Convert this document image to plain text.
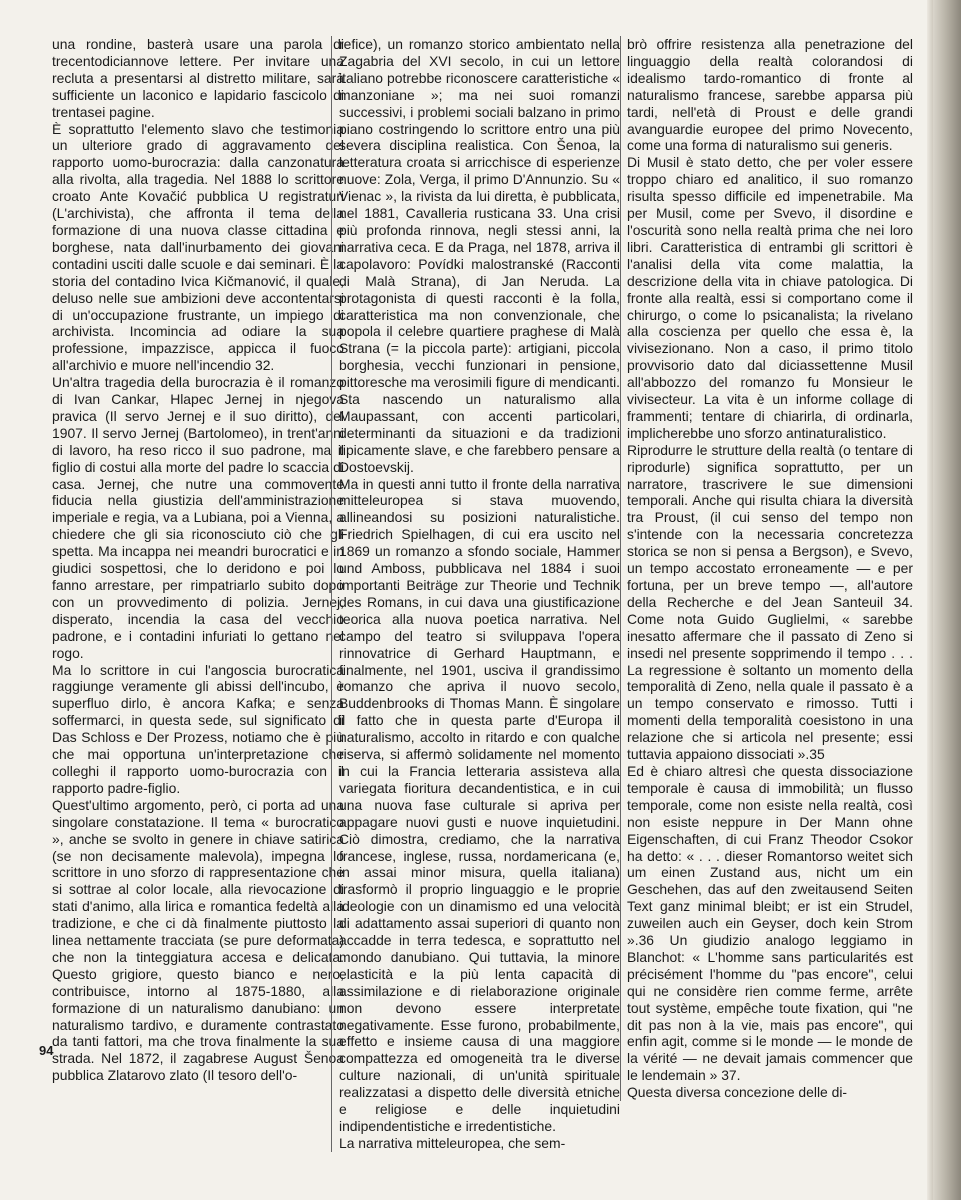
una rondine, basterà usare una parola di trecentodiciannove lettere. Per invitare una recluta a presentarsi al distretto militare, sarà sufficiente un laconico e lapidario fascicolo di trentasei pagine.

È soprattutto l'elemento slavo che testimonia un ulteriore grado di aggravamento del rapporto uomo-burocrazia: dalla canzonatura alla rivolta, alla tragedia. Nel 1888 lo scrittore croato Ante Kovačić pubblica U registraturi (L'archivista), che affronta il tema della formazione di una nuova classe cittadina e borghese, nata dall'inurbamento dei giovani contadini usciti dalle scuole e dai seminari. È la storia del contadino Ivica Kičmanović, il quale, deluso nelle sue ambizioni deve accontentarsi di un'occupazione frustrante, un impiego di archivista. Incomincia ad odiare la sua professione, impazzisce, appicca il fuoco all'archivio e muore nell'incendio 32.

Un'altra tragedia della burocrazia è il romanzo di Ivan Cankar, Hlapec Jernej in njegova pravica (Il servo Jernej e il suo diritto), del 1907. Il servo Jernej (Bartolomeo), in trent'anni di lavoro, ha reso ricco il suo padrone, ma il figlio di costui alla morte del padre lo scaccia di casa. Jernej, che nutre una commovente fiducia nella giustizia dell'amministrazione imperiale e regia, va a Lubiana, poi a Vienna, a chiedere che gli sia riconosciuto ciò che gli spetta. Ma incappa nei meandri burocratici e in giudici sospettosi, che lo deridono e poi lo fanno arrestare, per rimpatriarlo subito dopo con un provvedimento di polizia. Jernej, disperato, incendia la casa del vecchio padrone, e i contadini infuriati lo gettano nel rogo.

Ma lo scrittore in cui l'angoscia burocratica raggiunge veramente gli abissi dell'incubo, è superfluo dirlo, è ancora Kafka; e senza soffermarci, in questa sede, sul significato di Das Schloss e Der Prozess, notiamo che è più che mai opportuna un'interpretazione che colleghi il rapporto uomo-burocrazia con il rapporto padre-figlio.

Quest'ultimo argomento, però, ci porta ad una singolare constatazione. Il tema « burocratico », anche se svolto in genere in chiave satirica (se non decisamente malevola), impegna lo scrittore in uno sforzo di rappresentazione che si sottrae al color locale, alla rievocazione di stati d'animo, alla lirica e romantica fedeltà alla tradizione, e che ci dà finalmente piuttosto la linea nettamente tracciata (se pure deformata) che non la tinteggiatura accesa e delicata. Questo grigiore, questo bianco e nero, contribuisce, intorno al 1875-1880, alla formazione di un naturalismo danubiano: un naturalismo tardivo, e duramente contrastato da tanti fattori, ma che trova finalmente la sua strada. Nel 1872, il zagabrese August Šenoa pubblica Zlatarovo zlato (Il tesoro dell'o-

refice), un romanzo storico ambientato nella Zagabria del XVI secolo, in cui un lettore italiano potrebbe riconoscere caratteristiche « manzoniane »; ma nei suoi romanzi successivi, i problemi sociali balzano in primo piano costringendo lo scrittore entro una più severa disciplina realistica. Con Šenoa, la letteratura croata si arricchisce di esperienze nuove: Zola, Verga, il primo D'Annunzio. Su « Vienac », la rivista da lui diretta, è pubblicata, nel 1881, Cavalleria rusticana 33. Una crisi più profonda rinnova, negli stessi anni, la narrativa ceca. E da Praga, nel 1878, arriva il capolavoro: Povídki malostranské (Racconti di Malà Strana), di Jan Neruda. La protagonista di questi racconti è la folla, caratteristica ma non convenzionale, che popola il celebre quartiere praghese di Malà Strana (= la piccola parte): artigiani, piccola borghesia, vecchi funzionari in pensione, pittoresche ma verosimili figure di mendicanti. Sta nascendo un naturalismo alla Maupassant, con accenti particolari, determinanti da situazioni e da tradizioni tipicamente slave, e che farebbero pensare a Dostoevskij.

Ma in questi anni tutto il fronte della narrativa mitteleuropea si stava muovendo, allineandosi su posizioni naturalistiche. Friedrich Spielhagen, di cui era uscito nel 1869 un romanzo a sfondo sociale, Hammer und Amboss, pubblicava nel 1884 i suoi importanti Beiträge zur Theorie und Technik des Romans, in cui dava una giustificazione teorica alla nuova poetica narrativa. Nel campo del teatro si sviluppava l'opera rinnovatrice di Gerhard Hauptmann, e finalmente, nel 1901, usciva il grandissimo romanzo che apriva il nuovo secolo, Buddenbrooks di Thomas Mann. È singolare il fatto che in questa parte d'Europa il naturalismo, accolto in ritardo e con qualche riserva, si affermò solidamente nel momento in cui la Francia letteraria assisteva alla variegata fioritura decandentistica, e in cui una nuova fase culturale si apriva per appagare nuovi gusti e nuove inquietudini. Ciò dimostra, crediamo, che la narrativa francese, inglese, russa, nordamericana (e, in assai minor misura, quella italiana) trasformò il proprio linguaggio e le proprie ideologie con un dinamismo ed una velocità di adattamento assai superiori di quanto non accadde in terra tedesca, e soprattutto nel mondo danubiano. Qui tuttavia, la minore elasticità e la più lenta capacità di assimilazione e di rielaborazione originale non devono essere interpretate negativamente. Esse furono, probabilmente, effetto e insieme causa di una maggiore compattezza ed omogeneità tra le diverse culture nazionali, di un'unità spirituale realizzatasi a dispetto delle diversità etniche e religiose e delle inquietudini indipendentistiche e irredentistiche.

La narrativa mitteleuropea, che sem-

brò offrire resistenza alla penetrazione del linguaggio della realtà colorandosi di idealismo tardo-romantico di fronte al naturalismo francese, sarebbe apparsa più tardi, nell'età di Proust e delle grandi avanguardie europee del primo Novecento, come una forma di naturalismo sui generis.

Di Musil è stato detto, che per voler essere troppo chiaro ed analitico, il suo romanzo risulta spesso difficile ed impenetrabile. Ma per Musil, come per Svevo, il disordine e l'oscurità sono nella realtà prima che nei loro libri. Caratteristica di entrambi gli scrittori è l'analisi della vita come malattia, la descrizione della vita in chiave patologica. Di fronte alla realtà, essi si comportano come il chirurgo, o come lo psicanalista; la rivelano alla coscienza per quello che essa è, la vivisezionano. Non a caso, il primo titolo provvisorio dato dal diciassettenne Musil all'abbozzo del romanzo fu Monsieur le vivisecteur. La vita è un informe collage di frammenti; tentare di chiarirla, di ordinarla, implicherebbe uno sforzo antinaturalistico.

Riprodurre le strutture della realtà (o tentare di riprodurle) significa soprattutto, per un narratore, trascrivere le sue dimensioni temporali. Anche qui risulta chiara la diversità tra Proust, (il cui senso del tempo non s'intende con la necessaria concretezza storica se non si pensa a Bergson), e Svevo, un tempo accostato erroneamente — e per fortuna, per un breve tempo —, all'autore della Recherche e del Jean Santeuil 34. Come nota Guido Guglielmi, « sarebbe inesatto affermare che il passato di Zeno si insedi nel presente sopprimendo il tempo . . . La regressione è soltanto un momento della temporalità di Zeno, nella quale il passato è a un tempo conservato e rimosso. Tutti i momenti della temporalità coesistono in una relazione che si articola nel presente; essi tuttavia appaiono dissociati ».35

Ed è chiaro altresì che questa dissociazione temporale è causa di immobilità; un flusso temporale, come non esiste nella realtà, così non esiste neppure in Der Mann ohne Eigenschaften, di cui Franz Theodor Csokor ha detto: « . . . dieser Romantorso weitet sich um einen Zustand aus, nicht um ein Geschehen, das auf den zweitausend Seiten Text ganz minimal bleibt; er ist ein Strudel, zuweilen auch ein Geyser, doch kein Strom ».36 Un giudizio analogo leggiamo in Blanchot: « L'homme sans particularités est précisément l'homme du "pas encore", celui qui ne considère rien comme ferme, arrête tout système, empêche toute fixation, qui "ne dit pas non à la vie, mais pas encore", qui enfin agit, comme si le monde — le monde de la vérité — ne devait jamais commencer que le lendemain » 37.

Questa diversa concezione delle di-

94
